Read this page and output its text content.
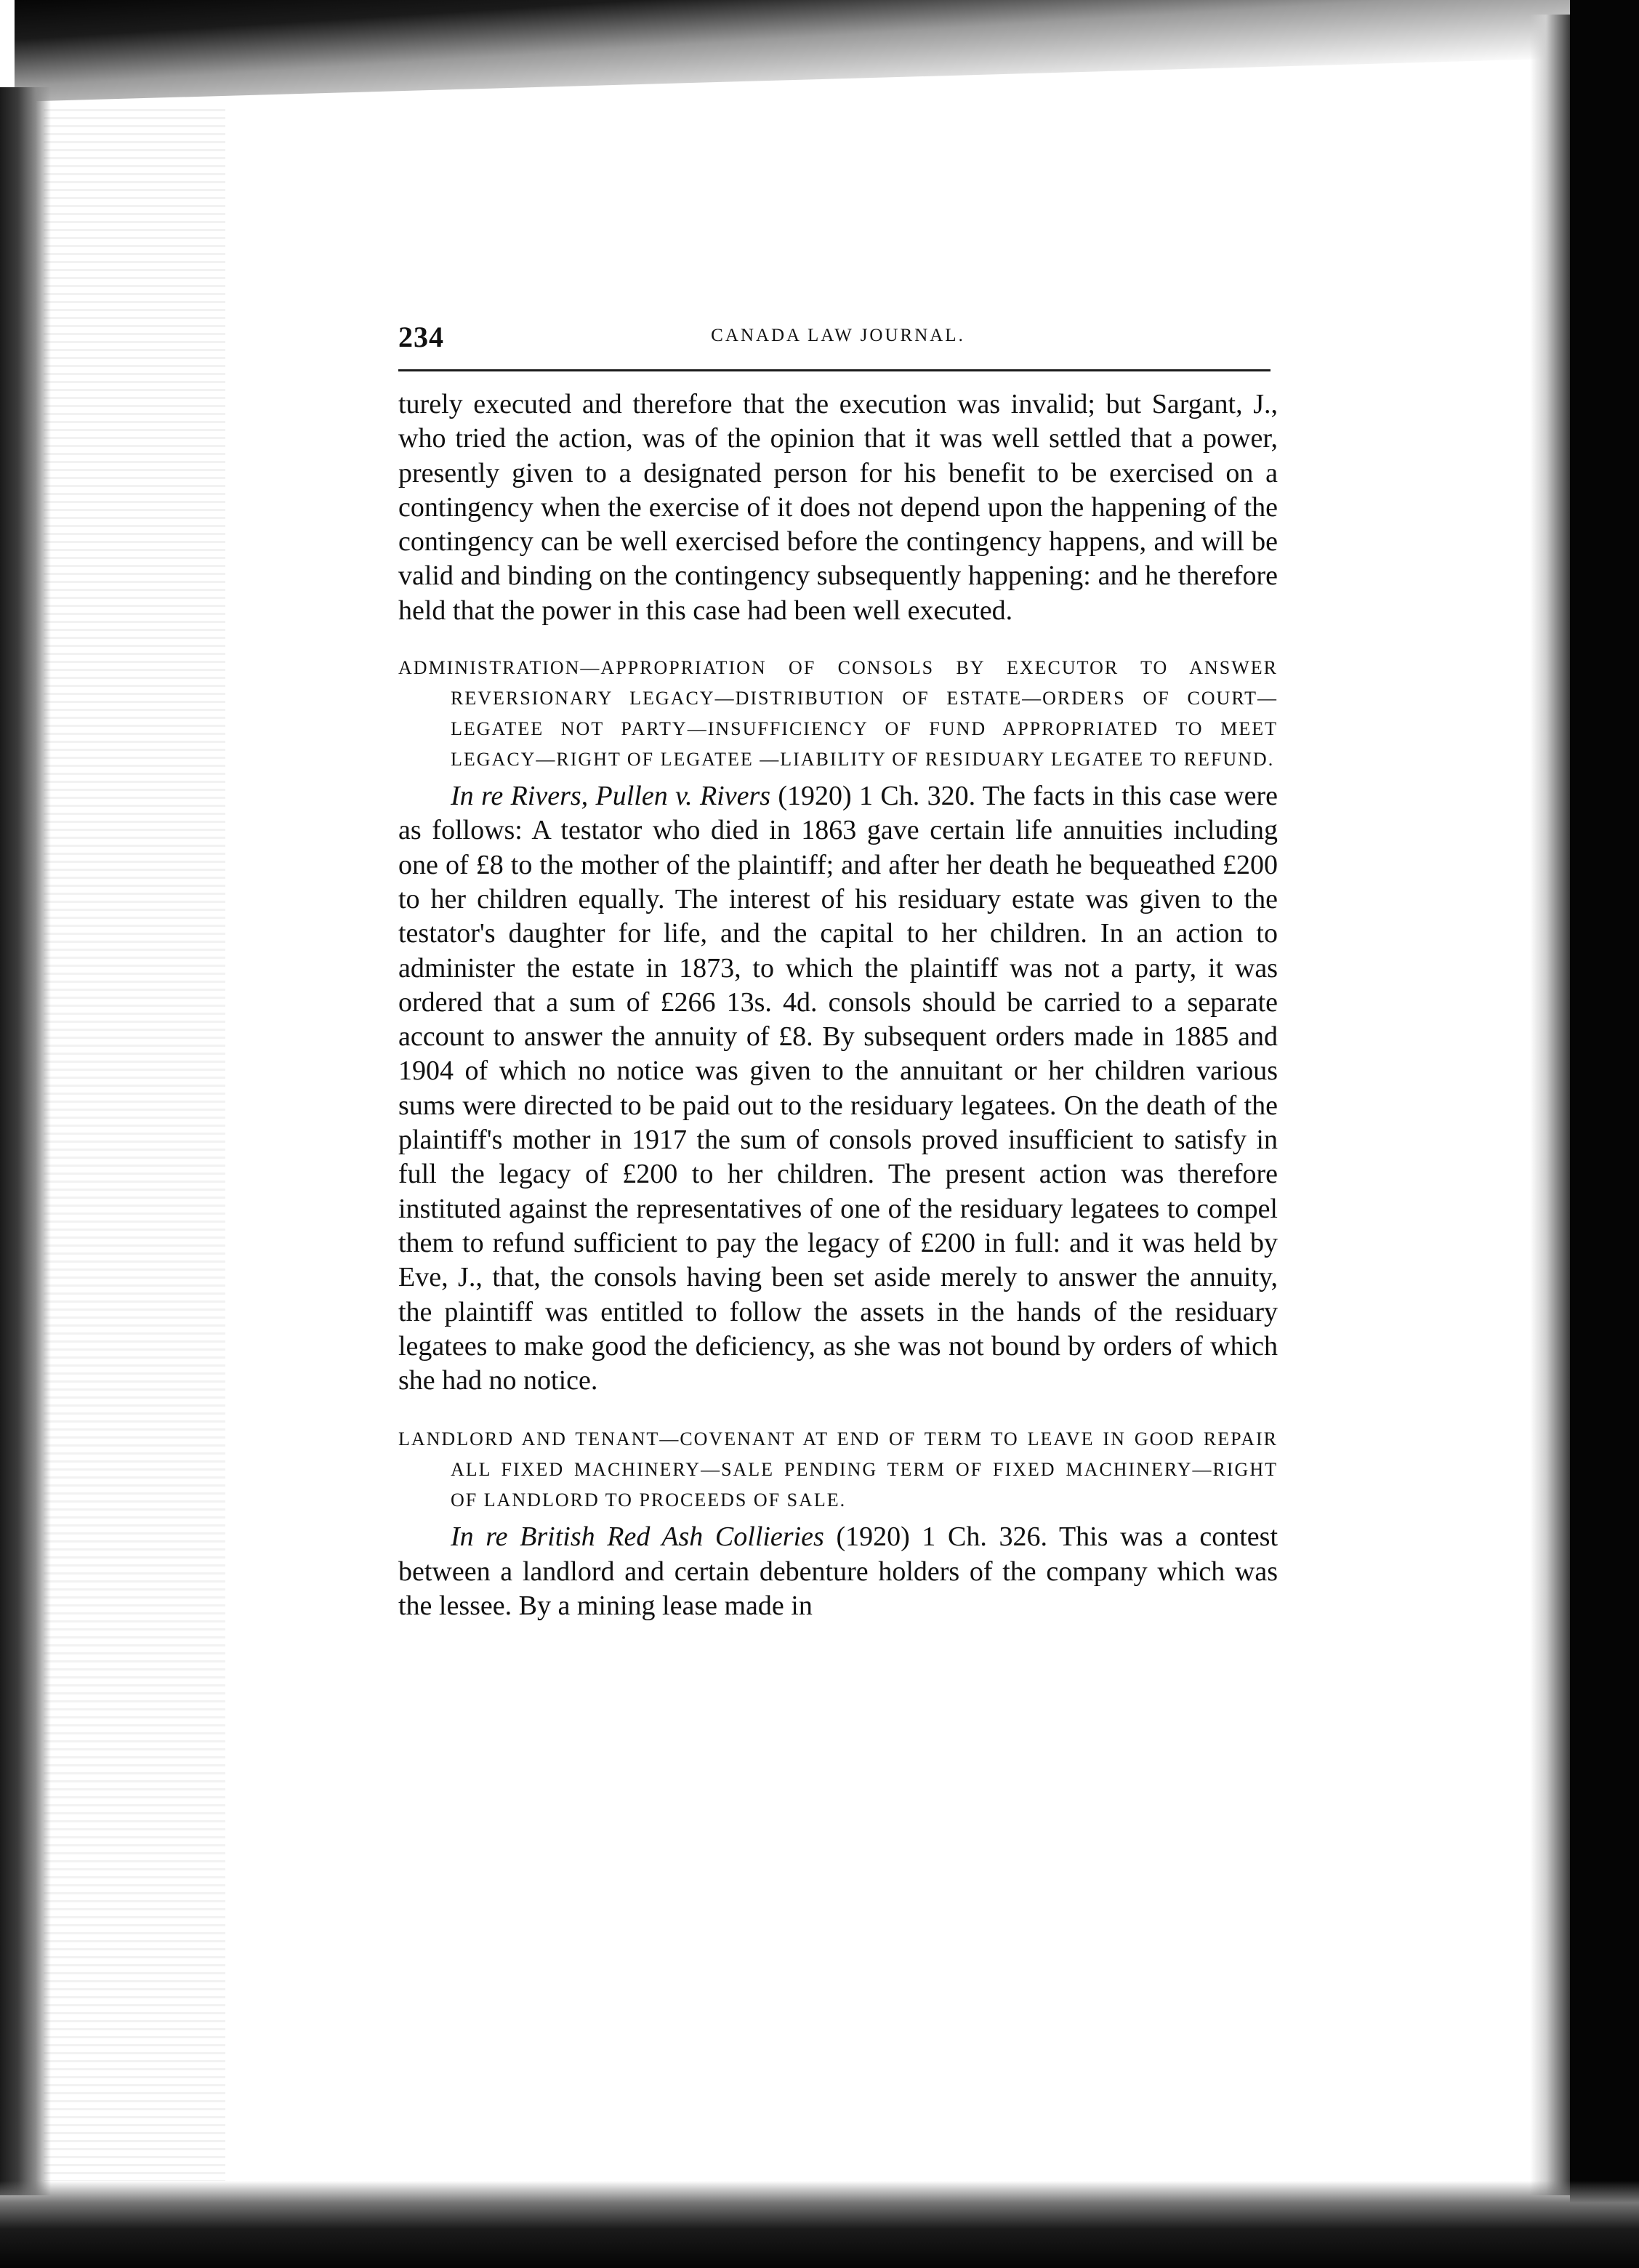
234	CANADA LAW JOURNAL.

turely executed and therefore that the execution was invalid; but Sargant, J., who tried the action, was of the opinion that it was well settled that a power, presently given to a designated person for his benefit to be exercised on a contingency when the exercise of it does not depend upon the happening of the contingency can be well exercised before the contingency happens, and will be valid and binding on the contingency subsequently happening: and he therefore held that the power in this case had been well executed.

ADMINISTRATION—APPROPRIATION OF CONSOLS BY EXECUTOR TO ANSWER REVERSIONARY LEGACY—DISTRIBUTION OF ESTATE—ORDERS OF COURT—LEGATEE NOT PARTY—INSUFFICIENCY OF FUND APPROPRIATED TO MEET LEGACY—RIGHT OF LEGATEE —LIABILITY OF RESIDUARY LEGATEE TO REFUND.

In re Rivers, Pullen v. Rivers (1920) 1 Ch. 320. The facts in this case were as follows: A testator who died in 1863 gave certain life annuities including one of £8 to the mother of the plaintiff; and after her death he bequeathed £200 to her children equally. The interest of his residuary estate was given to the testator's daughter for life, and the capital to her children. In an action to administer the estate in 1873, to which the plaintiff was not a party, it was ordered that a sum of £266 13s. 4d. consols should be carried to a separate account to answer the annuity of £8. By subsequent orders made in 1885 and 1904 of which no notice was given to the annuitant or her children various sums were directed to be paid out to the residuary legatees. On the death of the plaintiff's mother in 1917 the sum of consols proved insufficient to satisfy in full the legacy of £200 to her children. The present action was therefore instituted against the representatives of one of the residuary legatees to compel them to refund sufficient to pay the legacy of £200 in full: and it was held by Eve, J., that, the consols having been set aside merely to answer the annuity, the plaintiff was entitled to follow the assets in the hands of the residuary legatees to make good the deficiency, as she was not bound by orders of which she had no notice.

LANDLORD AND TENANT—COVENANT AT END OF TERM TO LEAVE IN GOOD REPAIR ALL FIXED MACHINERY—SALE PENDING TERM OF FIXED MACHINERY—RIGHT OF LANDLORD TO PROCEEDS OF SALE.

In re British Red Ash Collieries (1920) 1 Ch. 326. This was a contest between a landlord and certain debenture holders of the company which was the lessee. By a mining lease made in
